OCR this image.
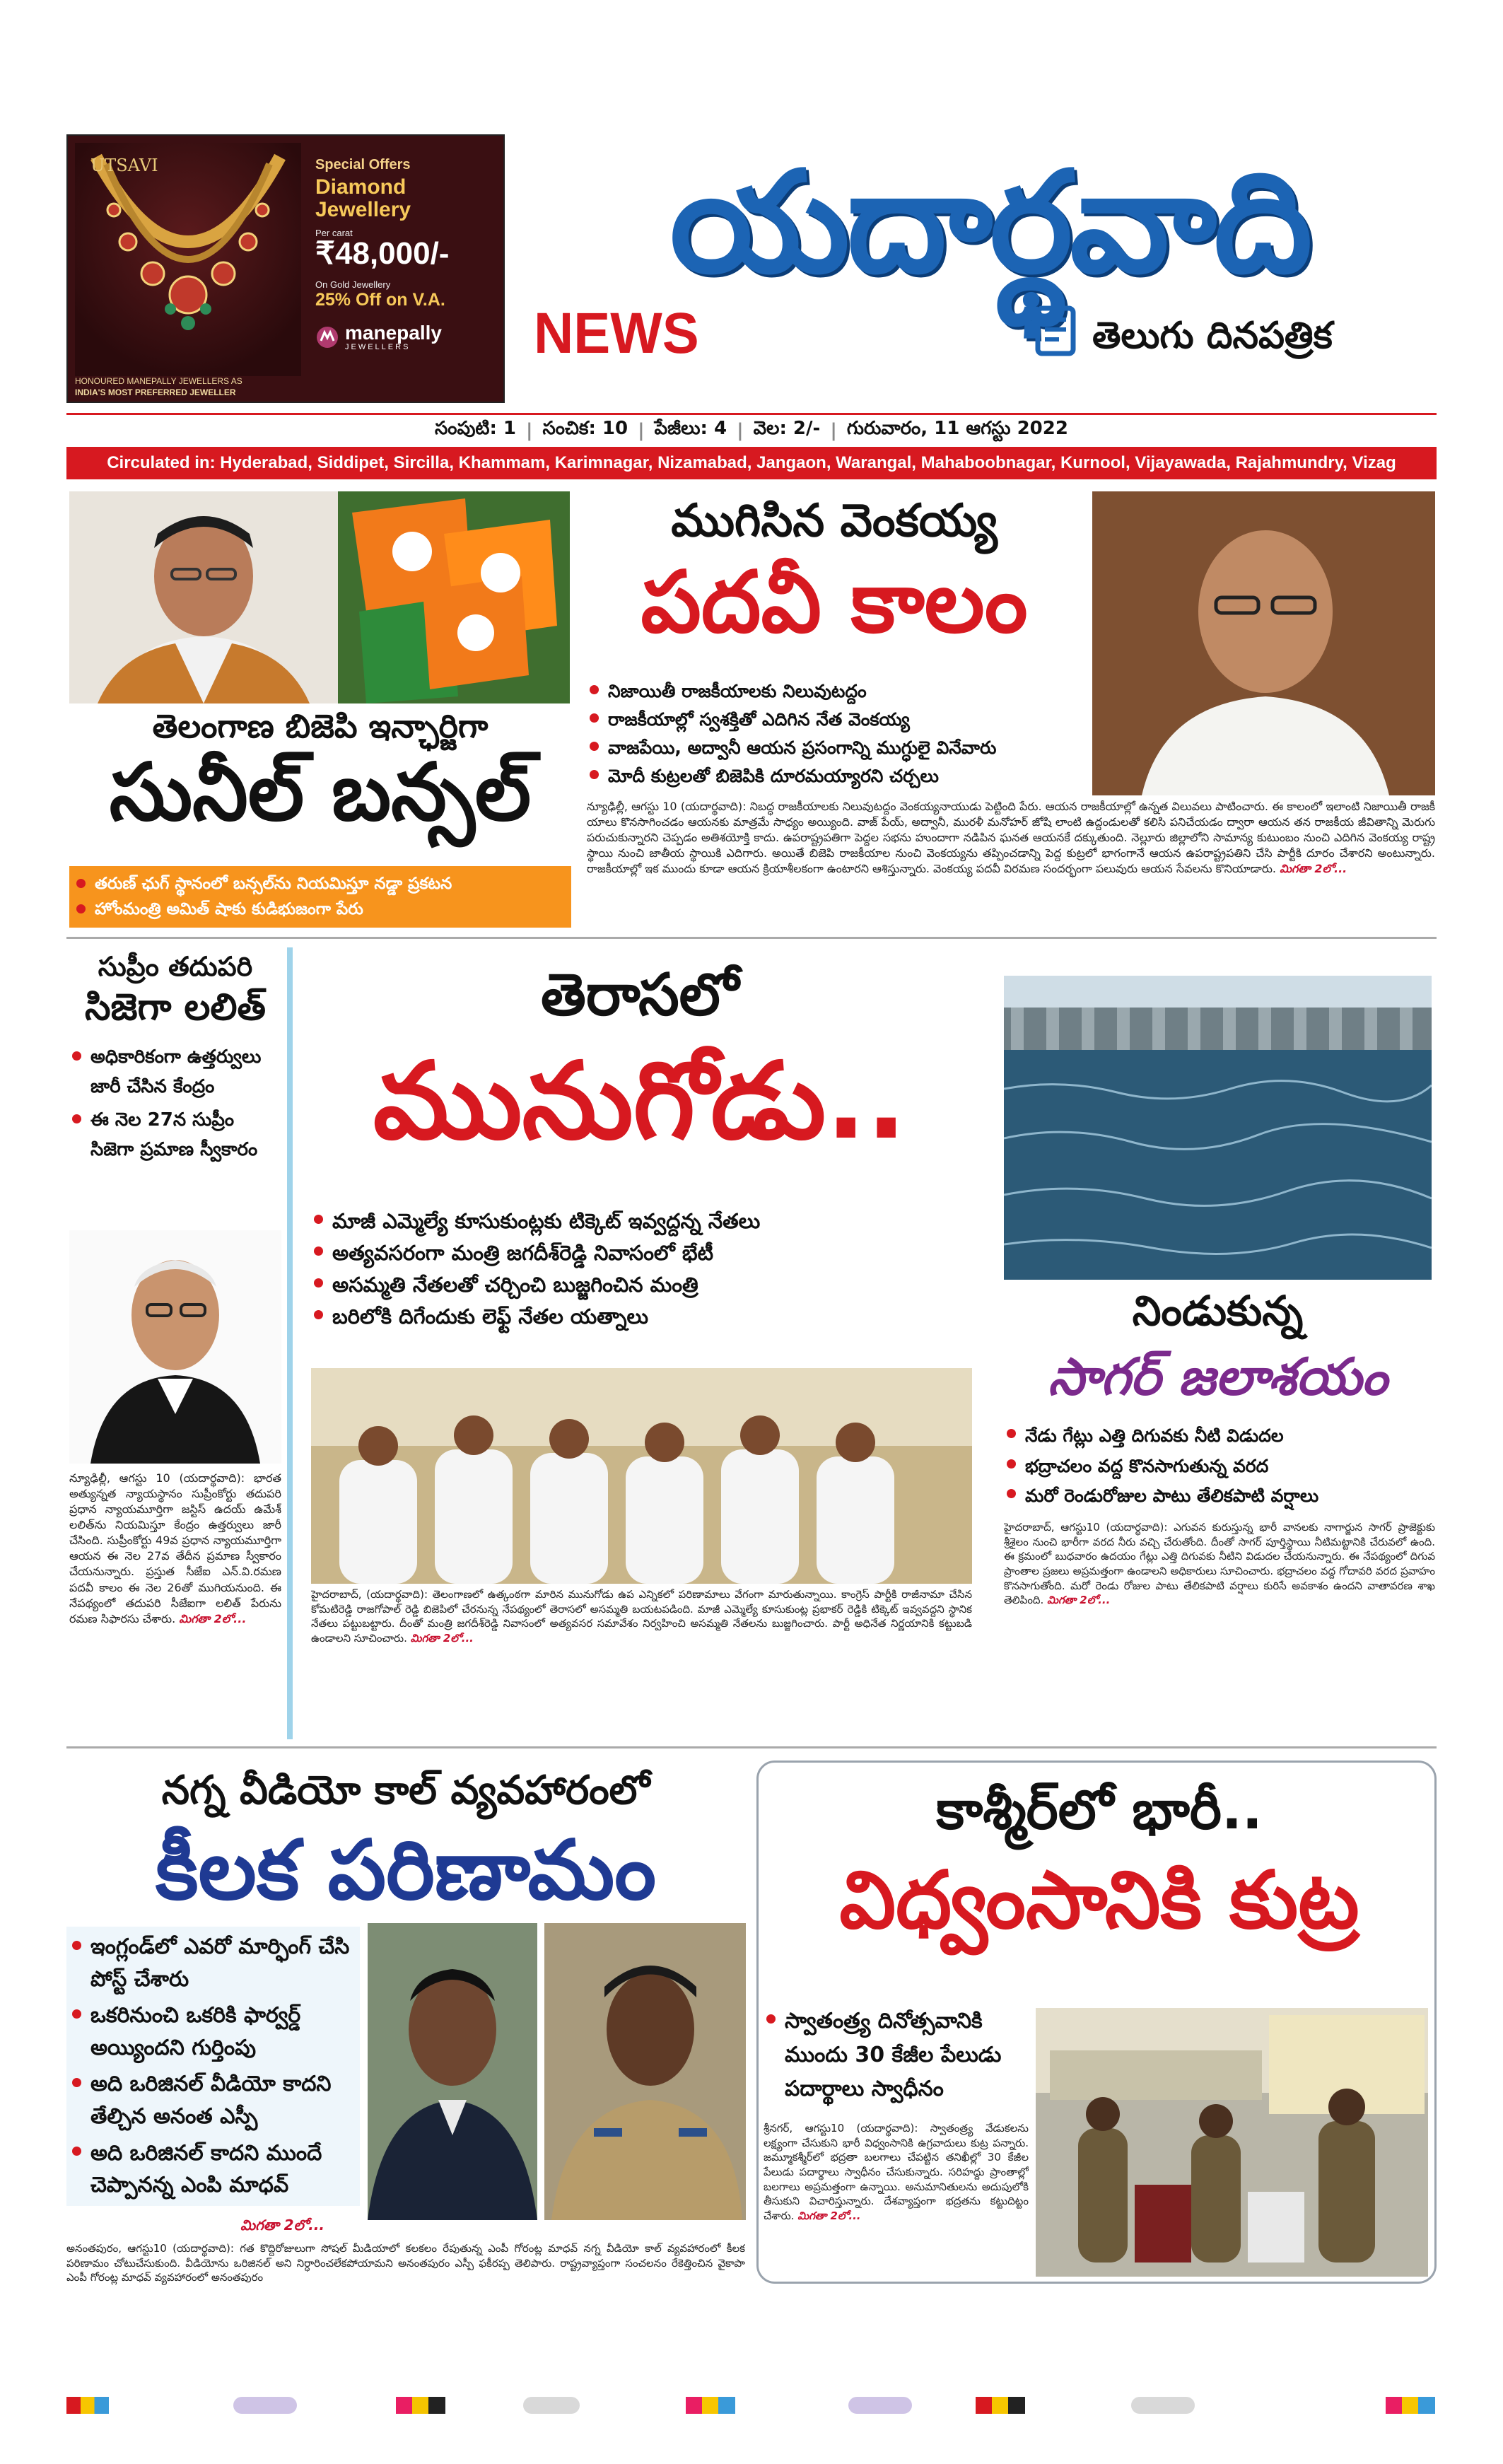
UTSAVI	Special Offers
Diamond Jewellery
Per carat
₹48,000/-
On Gold Jewellery
25% Off on V.A.
manepally
JEWELLERS
HONOURED MANEPALLY JEWELLERS AS
INDIA'S MOST PREFERRED JEWELLER
యదార్థవాది
NEWS	తెలుగు దినపత్రిక
సంపుటి: 1 | సంచిక: 10 | పేజీలు: 4 | వెల: 2/- | గురువారం, 11 ఆగస్టు 2022
Circulated in: Hyderabad, Siddipet, Sircilla, Khammam, Karimnagar, Nizamabad, Jangaon, Warangal, Mahaboobnagar, Kurnool, Vijayawada, Rajahmundry, Vizag
తెలంగాణ బిజెపి ఇన్ఛార్జిగా
సునీల్ బన్సల్
తరుణ్ ఛుగ్ స్థానంలో బన్సల్‌ను నియమిస్తూ నడ్డా ప్రకటన
హోంమంత్రి అమిత్ షాకు కుడిభుజంగా పేరు
ముగిసిన వెంకయ్య
పదవీ కాలం
నిజాయితీ రాజకీయాలకు నిలువుటద్దం
రాజకీయాల్లో స్వశక్తితో ఎదిగిన నేత వెంకయ్య
వాజపేయి, అద్వానీ ఆయన ప్రసంగాన్ని ముగ్ధులై వినేవారు
మోదీ కుట్రలతో బిజెపికి దూరమయ్యారని చర్చలు
న్యూఢిల్లీ, ఆగస్టు 10 (యదార్థవాది): నిబద్ధ రాజకీయాలకు నిలువుటద్దం వెంకయ్యనాయుడు పెట్టింది పేరు. ఆయన రాజకీయాల్లో ఉన్నత విలువలు పాటించారు. ఈ కాలంలో ఇలాంటి నిజాయితీ రాజకీ యాలు కొనసాగించడం ఆయనకు మాత్రమే సాధ్యం అయ్యింది. వాజ్ పేయ్, అద్వానీ, మురళీ మనోహర్ జోషి లాంటి ఉద్దండులతో కలిసి పనిచేయడం ద్వారా ఆయన తన రాజకీయ జీవితాన్ని మెరుగు పరుచుకున్నారని చెప్పడం అతిశయోక్తి కాదు. ఉపరాష్ట్రపతిగా పెద్దల సభను హుందాగా నడిపిన ఘనత ఆయనకే దక్కుతుంది. నెల్లూరు జిల్లాలోని సామాన్య కుటుంబం నుంచి ఎదిగిన వెంకయ్య రాష్ట్ర స్థాయి నుంచి జాతీయ స్థాయికి ఎదిగారు. అయితే బిజెపి రాజకీయాల నుంచి వెంకయ్యను తప్పించడాన్ని పెద్ద కుట్రలో భాగంగానే ఆయన ఉపరాష్ట్రపతిని చేసి పార్టీకి దూరం చేశారని అంటున్నారు. రాజకీయాల్లో ఇక ముందు కూడా ఆయన క్రియాశీలకంగా ఉంటారని ఆశిస్తున్నారు. వెంకయ్య పదవీ విరమణ సందర్భంగా పలువురు ఆయన సేవలను కొనియాడారు. మిగతా 2లో...
సుప్రీం తదుపరి
సిజెగా లలిత్
అధికారికంగా ఉత్తర్వులు జారీ చేసిన కేంద్రం
ఈ నెల 27న సుప్రీం సిజెగా ప్రమాణ స్వీకారం
న్యూఢిల్లీ, ఆగస్టు 10 (యదార్థవాది): భారత అత్యున్నత న్యాయస్థానం సుప్రీంకోర్టు తదుపరి ప్రధాన న్యాయమూర్తిగా జస్టిస్ ఉదయ్ ఉమేశ్ లలిత్‌ను నియమిస్తూ కేంద్రం ఉత్తర్వులు జారీ చేసింది. సుప్రీంకోర్టు 49వ ప్రధాన న్యాయమూర్తిగా ఆయన ఈ నెల 27వ తేదీన ప్రమాణ స్వీకారం చేయనున్నారు. ప్రస్తుత సీజేఐ ఎన్.వి.రమణ పదవీ కాలం ఈ నెల 26తో ముగియనుంది. ఈ నేపథ్యంలో తదుపరి సీజేఐగా లలిత్ పేరును రమణ సిఫారసు చేశారు. మిగతా 2లో...
తెరాసలో
మునుగోడు..
మాజీ ఎమ్మెల్యే కూసుకుంట్లకు టిక్కెట్ ఇవ్వద్దన్న నేతలు
అత్యవసరంగా మంత్రి జగదీశ్‌రెడ్డి నివాసంలో భేటీ
అసమ్మతి నేతలతో చర్చించి బుజ్జగించిన మంత్రి
బరిలోకి దిగేందుకు లెఫ్ట్ నేతల యత్నాలు
హైదరాబాద్, (యదార్థవాది): తెలంగాణలో ఉత్కంఠగా మారిన మునుగోడు ఉప ఎన్నికలో పరిణామాలు వేగంగా మారుతున్నాయి. కాంగ్రెస్ పార్టీకి రాజీనామా చేసిన కోమటిరెడ్డి రాజగోపాల్ రెడ్డి బిజెపిలో చేరనున్న నేపథ్యంలో తెరాసలో అసమ్మతి బయటపడింది. మాజీ ఎమ్మెల్యే కూసుకుంట్ల ప్రభాకర్ రెడ్డికి టిక్కెట్ ఇవ్వవద్దని స్థానిక నేతలు పట్టుబట్టారు. దీంతో మంత్రి జగదీశ్‌రెడ్డి నివాసంలో అత్యవసర సమావేశం నిర్వహించి అసమ్మతి నేతలను బుజ్జగించారు. పార్టీ అధినేత నిర్ణయానికి కట్టుబడి ఉండాలని సూచించారు. మిగతా 2లో...
నిండుకున్న
సాగర్ జలాశయం
నేడు గేట్లు ఎత్తి దిగువకు నీటి విడుదల
భద్రాచలం వద్ద కొనసాగుతున్న వరద
మరో రెండురోజుల పాటు తేలికపాటి వర్షాలు
హైదరాబాద్, ఆగస్టు10 (యదార్థవాది): ఎగువన కురుస్తున్న భారీ వానలకు నాగార్జున సాగర్ ప్రాజెక్టుకు శ్రీశైలం నుంచి భారీగా వరద నీరు వచ్చి చేరుతోంది. దీంతో సాగర్ పూర్తిస్థాయి నీటిమట్టానికి చేరువలో ఉంది. ఈ క్రమంలో బుధవారం ఉదయం గేట్లు ఎత్తి దిగువకు నీటిని విడుదల చేయనున్నారు. ఈ నేపథ్యంలో దిగువ ప్రాంతాల ప్రజలు అప్రమత్తంగా ఉండాలని అధికారులు సూచించారు. భద్రాచలం వద్ద గోదావరి వరద ప్రవాహం కొనసాగుతోంది. మరో రెండు రోజుల పాటు తేలికపాటి వర్షాలు కురిసే అవకాశం ఉందని వాతావరణ శాఖ తెలిపింది. మిగతా 2లో...
నగ్న వీడియో కాల్ వ్యవహారంలో
కీలక పరిణామం
ఇంగ్లండ్‌లో ఎవరో మార్ఫింగ్ చేసి పోస్ట్ చేశారు
ఒకరినుంచి ఒకరికి ఫార్వర్డ్ అయ్యిందని గుర్తింపు
అది ఒరిజినల్ వీడియో కాదని తేల్చిన అనంత ఎస్పీ
అది ఒరిజినల్ కాదని ముందే చెప్పానన్న ఎంపి మాధవ్
మిగతా 2లో...
అనంతపురం, ఆగస్టు10 (యదార్థవాది): గత కొద్దిరోజులుగా సోషల్ మీడియాలో కలకలం రేపుతున్న ఎంపీ గోరంట్ల మాధవ్ నగ్న వీడియో కాల్ వ్యవహారంలో కీలక పరిణామం చోటుచేసుకుంది. వీడియోను ఒరిజినల్ అని నిర్ధారించలేకపోయామని అనంతపురం ఎస్పీ ఫకీరప్ప తెలిపారు. రాష్ట్రవ్యాప్తంగా సంచలనం రేకెత్తించిన వైకాపా ఎంపీ గోరంట్ల మాధవ్ వ్యవహారంలో అనంతపురం
కాశ్మీర్‌లో భారీ..
విధ్వంసానికి కుట్ర
స్వాతంత్ర్య దినోత్సవానికి ముందు 30 కేజీల పేలుడు పదార్థాలు స్వాధీనం
శ్రీనగర్, ఆగస్టు10 (యదార్థవాది): స్వాతంత్ర్య వేడుకలను లక్ష్యంగా చేసుకుని భారీ విధ్వంసానికి ఉగ్రవాదులు కుట్ర పన్నారు. జమ్మూకశ్మీర్‌లో భద్రతా బలగాలు చేపట్టిన తనిఖీల్లో 30 కేజీల పేలుడు పదార్థాలు స్వాధీనం చేసుకున్నారు. సరిహద్దు ప్రాంతాల్లో బలగాలు అప్రమత్తంగా ఉన్నాయి. అనుమానితులను అదుపులోకి తీసుకుని విచారిస్తున్నారు. దేశవ్యాప్తంగా భద్రతను కట్టుదిట్టం చేశారు. మిగతా 2లో...
